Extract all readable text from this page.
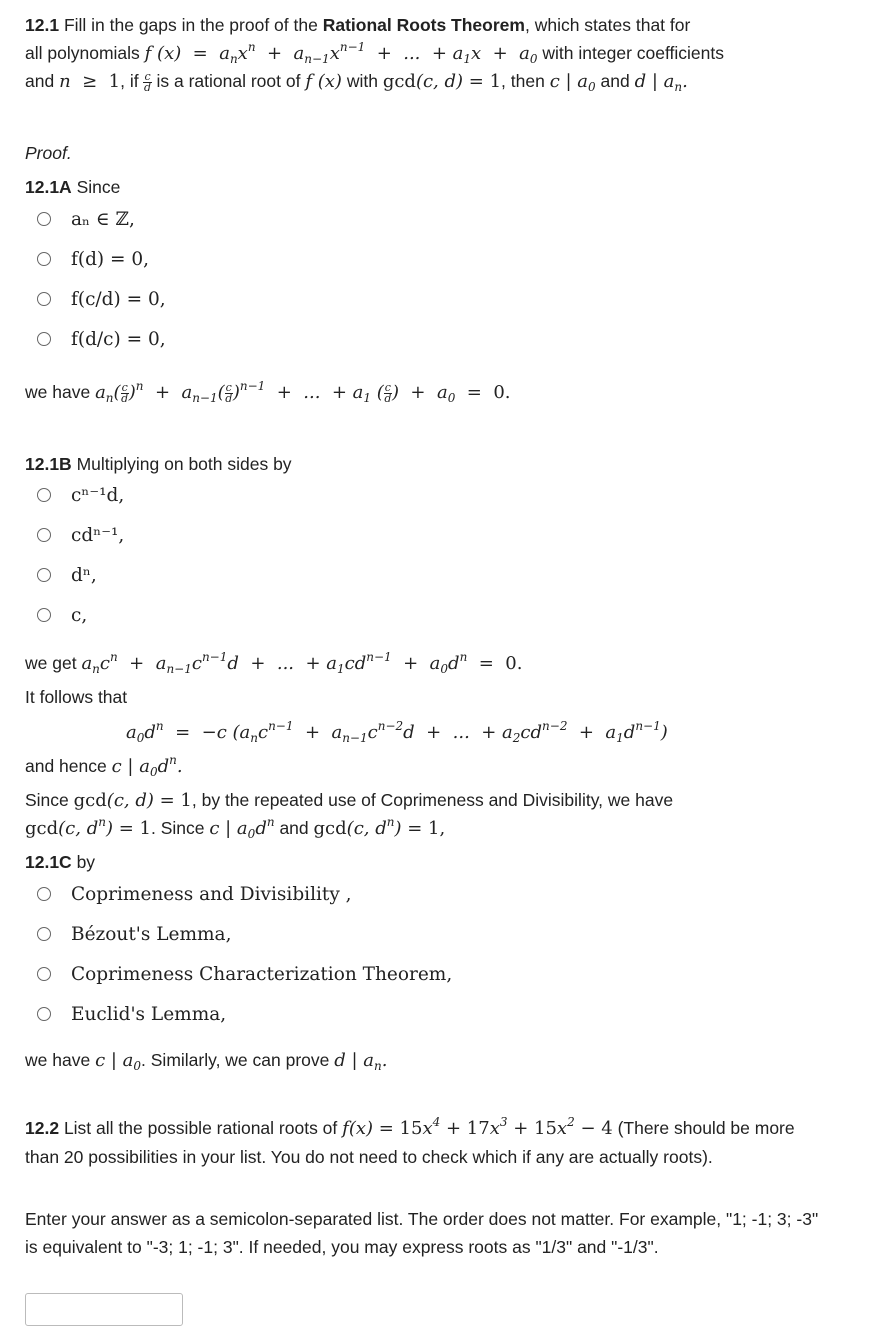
12.1 Fill in the gaps in the proof of the Rational Roots Theorem, which states that for
all polynomials f $(x) = a_nx^n + a_{n-1}x^{n-1}$  +  ...  + $a_1x + a_0$ with integer coefficients
and n  ≥  1, if $\frac{c}{d}$ is a rational root of f (x) with gcd(c, d) = 1, then c | $a_0$ and d | $a_n$.
Proof.
12.1A Since
aₙ ∈ ℤ,
f(d) = 0,
f(c/d) = 0,
f(d/c) = 0,
we have $a_n( \frac{c}{d} )^n + a_{n-1}( \frac{c}{d} )^{n-1}$  +  ...  + $a_1$ ( $\frac{c}{d}$ )  +  $a_0 = 0$.
12.1B Multiplying on both sides by
cⁿ⁻¹d,
cdⁿ⁻¹,
dⁿ,
c,
we get $a_nc^n + a_{n-1}c^{n-1}d$  +  ...  + $a_1cd^{n-1} + a_0d^n = 0$.
It follows that
$a_0d^n = -c$ ($a_nc^{n-1} + a_{n-1}c^{n-2}d$  +  ...  + $a_2cd^{n-2} + a_1d^{n-1}$)
and hence c | $a_0d^n$.
Since gcd(c, d) = 1, by the repeated use of Coprimeness and Divisibility, we have
gcd(c, $d^n) = 1$. Since c | $a_0d^n$ and gcd(c, $d^n) = 1$,
12.1C by
Coprimeness and Divisibility ,
Bézout's Lemma,
Coprimeness Characterization Theorem,
Euclid's Lemma,
we have c | $a_0$. Similarly, we can prove d | $a_n$.
12.2 List all the possible rational roots of $f(x) = 15x^4 + 17x^3 + 15x^2 - 4$ (There should be more than 20 possibilities in your list. You do not need to check which if any are actually roots).
Enter your answer as a semicolon-separated list. The order does not matter. For example, "1; -1; 3; -3" is equivalent to "-3; 1; -1; 3". If needed, you may express roots as "1/3" and "-1/3".
